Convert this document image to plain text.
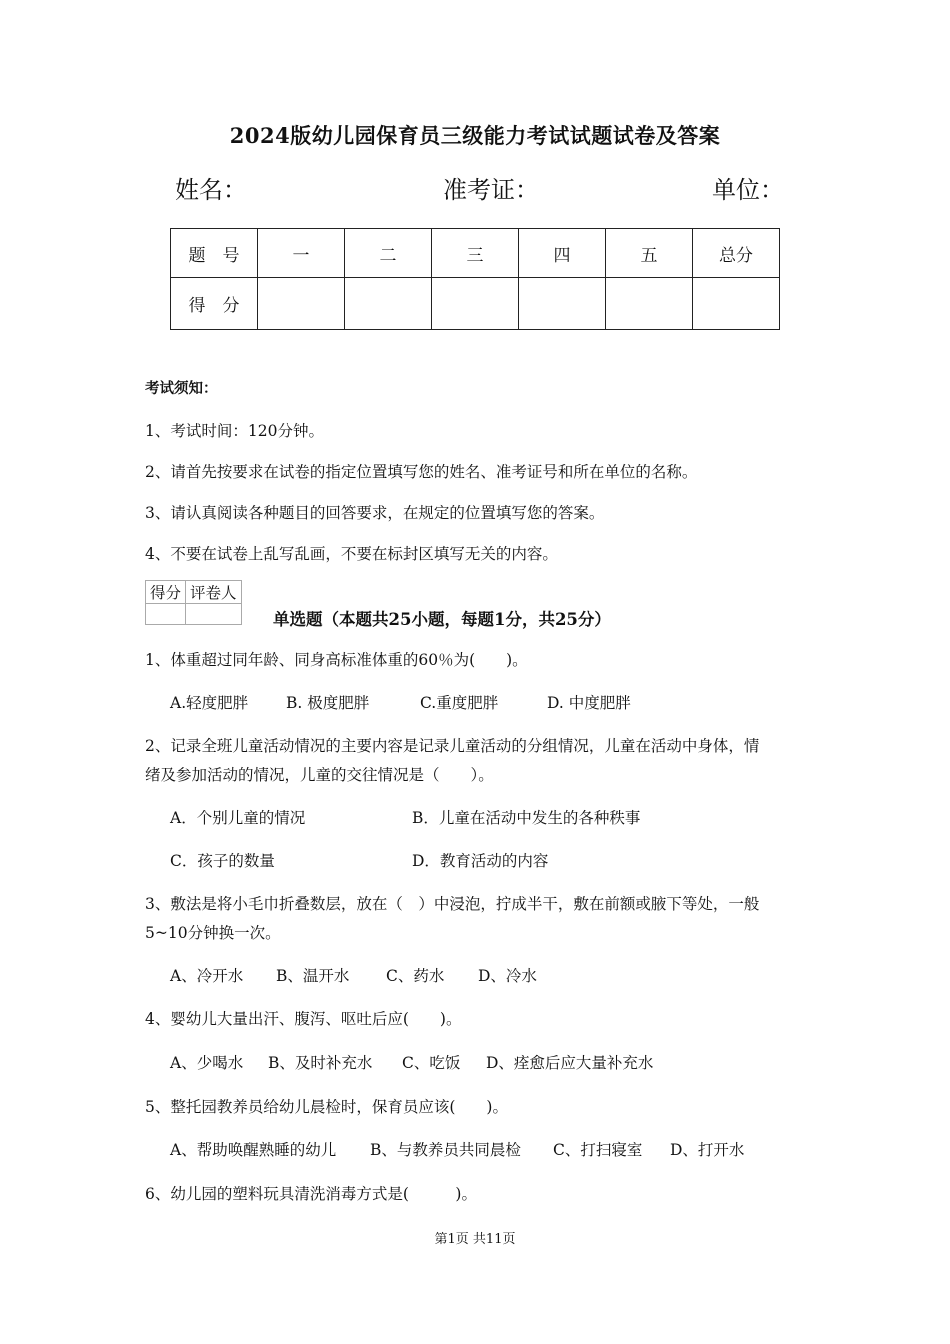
2024版幼儿园保育员三级能力考试试题试卷及答案
姓名：	准考证：	单位：
题　号	一	二	三	四	五	总分
得　分						
考试须知：
1、考试时间：120分钟。
2、请首先按要求在试卷的指定位置填写您的姓名、准考证号和所在单位的名称。
3、请认真阅读各种题目的回答要求，在规定的位置填写您的答案。
4、不要在试卷上乱写乱画，不要在标封区填写无关的内容。
得分	评卷人

单选题（本题共25小题，每题1分，共25分）
1、体重超过同年龄、同身高标准体重的60％为(　　)。
A.轻度肥胖 B. 极度肥胖	C.重度肥胖	D. 中度肥胖
2、记录全班儿童活动情况的主要内容是记录儿童活动的分组情况，儿童在活动中身体，情
绪及参加活动的情况，儿童的交往情况是（　　）。
A．个别儿童的情况	B．儿童在活动中发生的各种秩事
C．孩子的数量	D．教育活动的内容
3、敷法是将小毛巾折叠数层，放在（　）中浸泡，拧成半干，敷在前额或腋下等处，一般
5~10分钟换一次。
A、冷开水 B、温开水 C、药水 D、冷水
4、婴幼儿大量出汗、腹泻、呕吐后应(　　)。
A、少喝水 B、及时补充水 C、吃饭 D、痊愈后应大量补充水
5、整托园教养员给幼儿晨检时，保育员应该(　　)。
A、帮助唤醒熟睡的幼儿 B、与教养员共同晨检 C、打扫寝室 D、打开水
6、幼儿园的塑料玩具清洗消毒方式是(　　　)。
第1页 共11页
